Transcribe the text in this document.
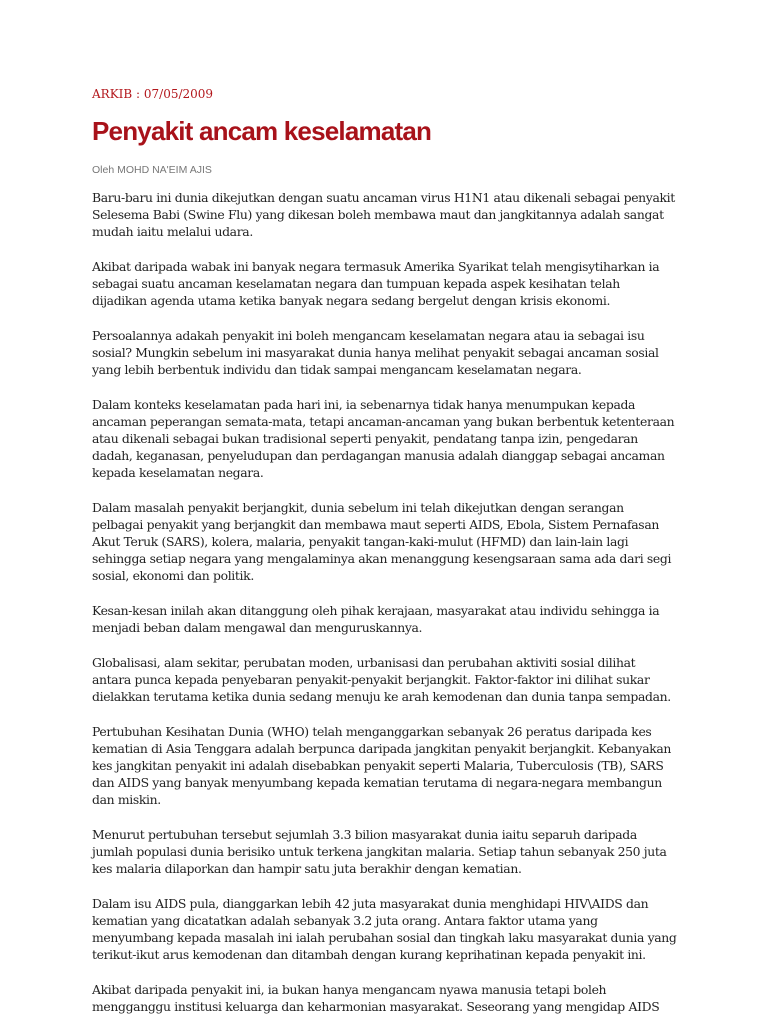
ARKIB : 07/05/2009
Penyakit ancam keselamatan
Oleh MOHD NA'EIM AJIS

Baru-baru ini dunia dikejutkan dengan suatu ancaman virus H1N1 atau dikenali sebagai penyakit Selesema Babi (Swine Flu) yang dikesan boleh membawa maut dan jangkitannya adalah sangat mudah iaitu melalui udara.

Akibat daripada wabak ini banyak negara termasuk Amerika Syarikat telah mengisytiharkan ia sebagai suatu ancaman keselamatan negara dan tumpuan kepada aspek kesihatan telah dijadikan agenda utama ketika banyak negara sedang bergelut dengan krisis ekonomi.

Persoalannya adakah penyakit ini boleh mengancam keselamatan negara atau ia sebagai isu sosial? Mungkin sebelum ini masyarakat dunia hanya melihat penyakit sebagai ancaman sosial yang lebih berbentuk individu dan tidak sampai mengancam keselamatan negara.

Dalam konteks keselamatan pada hari ini, ia sebenarnya tidak hanya menumpukan kepada ancaman peperangan semata-mata, tetapi ancaman-ancaman yang bukan berbentuk ketenteraan atau dikenali sebagai bukan tradisional seperti penyakit, pendatang tanpa izin, pengedaran dadah, keganasan, penyeludupan dan perdagangan manusia adalah dianggap sebagai ancaman kepada keselamatan negara.

Dalam masalah penyakit berjangkit, dunia sebelum ini telah dikejutkan dengan serangan pelbagai penyakit yang berjangkit dan membawa maut seperti AIDS, Ebola, Sistem Pernafasan Akut Teruk (SARS), kolera, malaria, penyakit tangan-kaki-mulut (HFMD) dan lain-lain lagi sehingga setiap negara yang mengalaminya akan menanggung kesengsaraan sama ada dari segi sosial, ekonomi dan politik.

Kesan-kesan inilah akan ditanggung oleh pihak kerajaan, masyarakat atau individu sehingga ia menjadi beban dalam mengawal dan menguruskannya.

Globalisasi, alam sekitar, perubatan moden, urbanisasi dan perubahan aktiviti sosial dilihat antara punca kepada penyebaran penyakit-penyakit berjangkit. Faktor-faktor ini dilihat sukar dielakkan terutama ketika dunia sedang menuju ke arah kemodenan dan dunia tanpa sempadan.

Pertubuhan Kesihatan Dunia (WHO) telah menganggarkan sebanyak 26 peratus daripada kes kematian di Asia Tenggara adalah berpunca daripada jangkitan penyakit berjangkit. Kebanyakan kes jangkitan penyakit ini adalah disebabkan penyakit seperti Malaria, Tuberculosis (TB), SARS dan AIDS yang banyak menyumbang kepada kematian terutama di negara-negara membangun dan miskin.

Menurut pertubuhan tersebut sejumlah 3.3 bilion masyarakat dunia iaitu separuh daripada jumlah populasi dunia berisiko untuk terkena jangkitan malaria. Setiap tahun sebanyak 250 juta kes malaria dilaporkan dan hampir satu juta berakhir dengan kematian.

Dalam isu AIDS pula, dianggarkan lebih 42 juta masyarakat dunia menghidapi HIV\AIDS dan kematian yang dicatatkan adalah sebanyak 3.2 juta orang. Antara faktor utama yang menyumbang kepada masalah ini ialah perubahan sosial dan tingkah laku masyarakat dunia yang terikut-ikut arus kemodenan dan ditambah dengan kurang keprihatinan kepada penyakit ini.

Akibat daripada penyakit ini, ia bukan hanya mengancam nyawa manusia tetapi boleh mengganggu institusi keluarga dan keharmonian masyarakat. Seseorang yang mengidap AIDS
